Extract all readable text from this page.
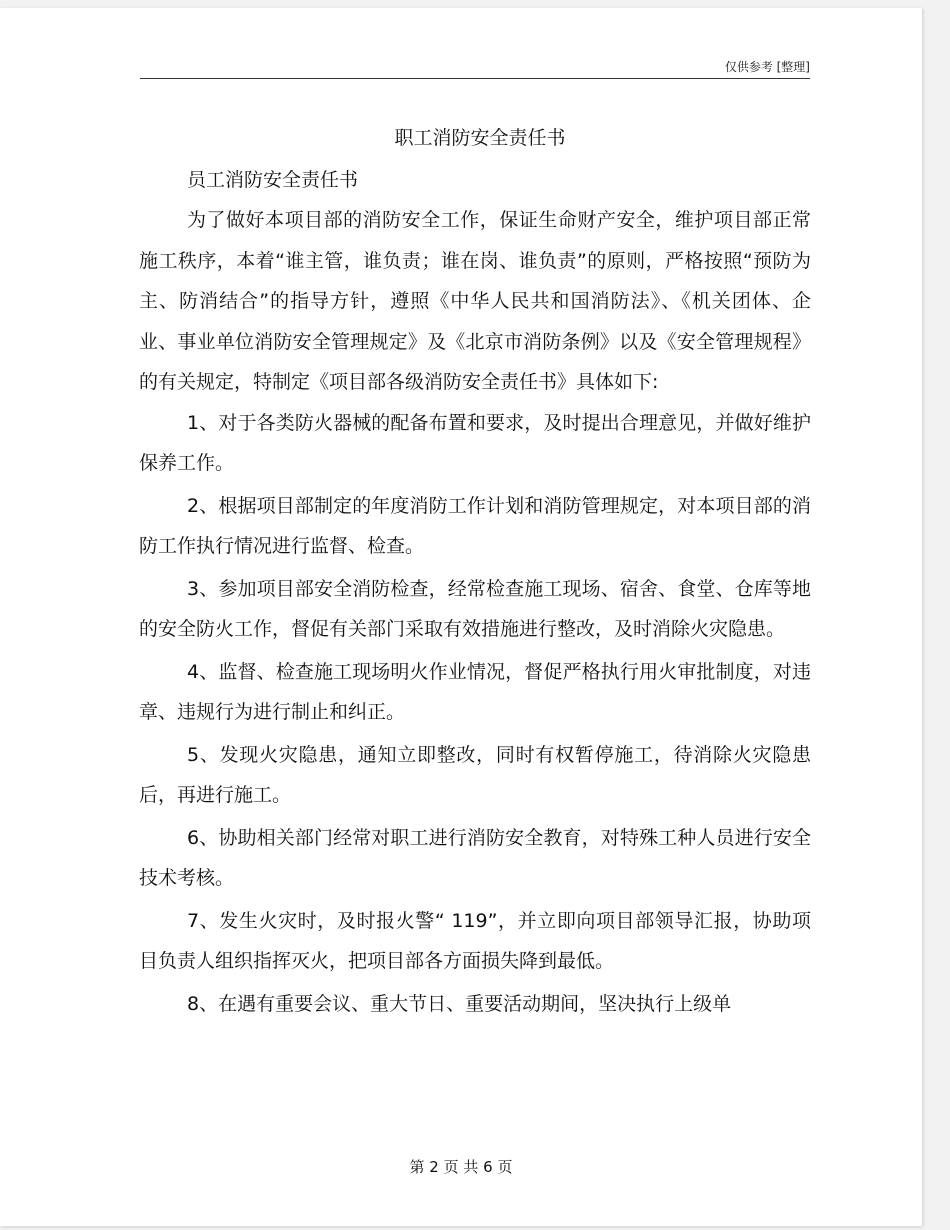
仅供参考 [整理]
职工消防安全责任书

员工消防安全责任书

为了做好本项目部的消防安全工作，保证生命财产安全，维护项目部正常施工秩序，本着“谁主管，谁负责；谁在岗、谁负责”的原则，严格按照“预防为主、防消结合”的指导方针，遵照《中华人民共和国消防法》、《机关团体、企业、事业单位消防安全管理规定》及《北京市消防条例》以及《安全管理规程》的有关规定，特制定《项目部各级消防安全责任书》具体如下:

1、对于各类防火器械的配备布置和要求，及时提出合理意见，并做好维护保养工作。

2、根据项目部制定的年度消防工作计划和消防管理规定，对本项目部的消防工作执行情况进行监督、检查。

3、参加项目部安全消防检查，经常检查施工现场、宿舍、食堂、仓库等地的安全防火工作，督促有关部门采取有效措施进行整改，及时消除火灾隐患。

4、监督、检查施工现场明火作业情况，督促严格执行用火审批制度，对违章、违规行为进行制止和纠正。

5、发现火灾隐患，通知立即整改，同时有权暂停施工，待消除火灾隐患后，再进行施工。

6、协助相关部门经常对职工进行消防安全教育，对特殊工种人员进行安全技术考核。

7、发生火灾时，及时报火警“ 119”，并立即向项目部领导汇报，协助项目负责人组织指挥灭火，把项目部各方面损失降到最低。

8、在遇有重要会议、重大节日、重要活动期间，坚决执行上级单

第 2 页 共 6 页
